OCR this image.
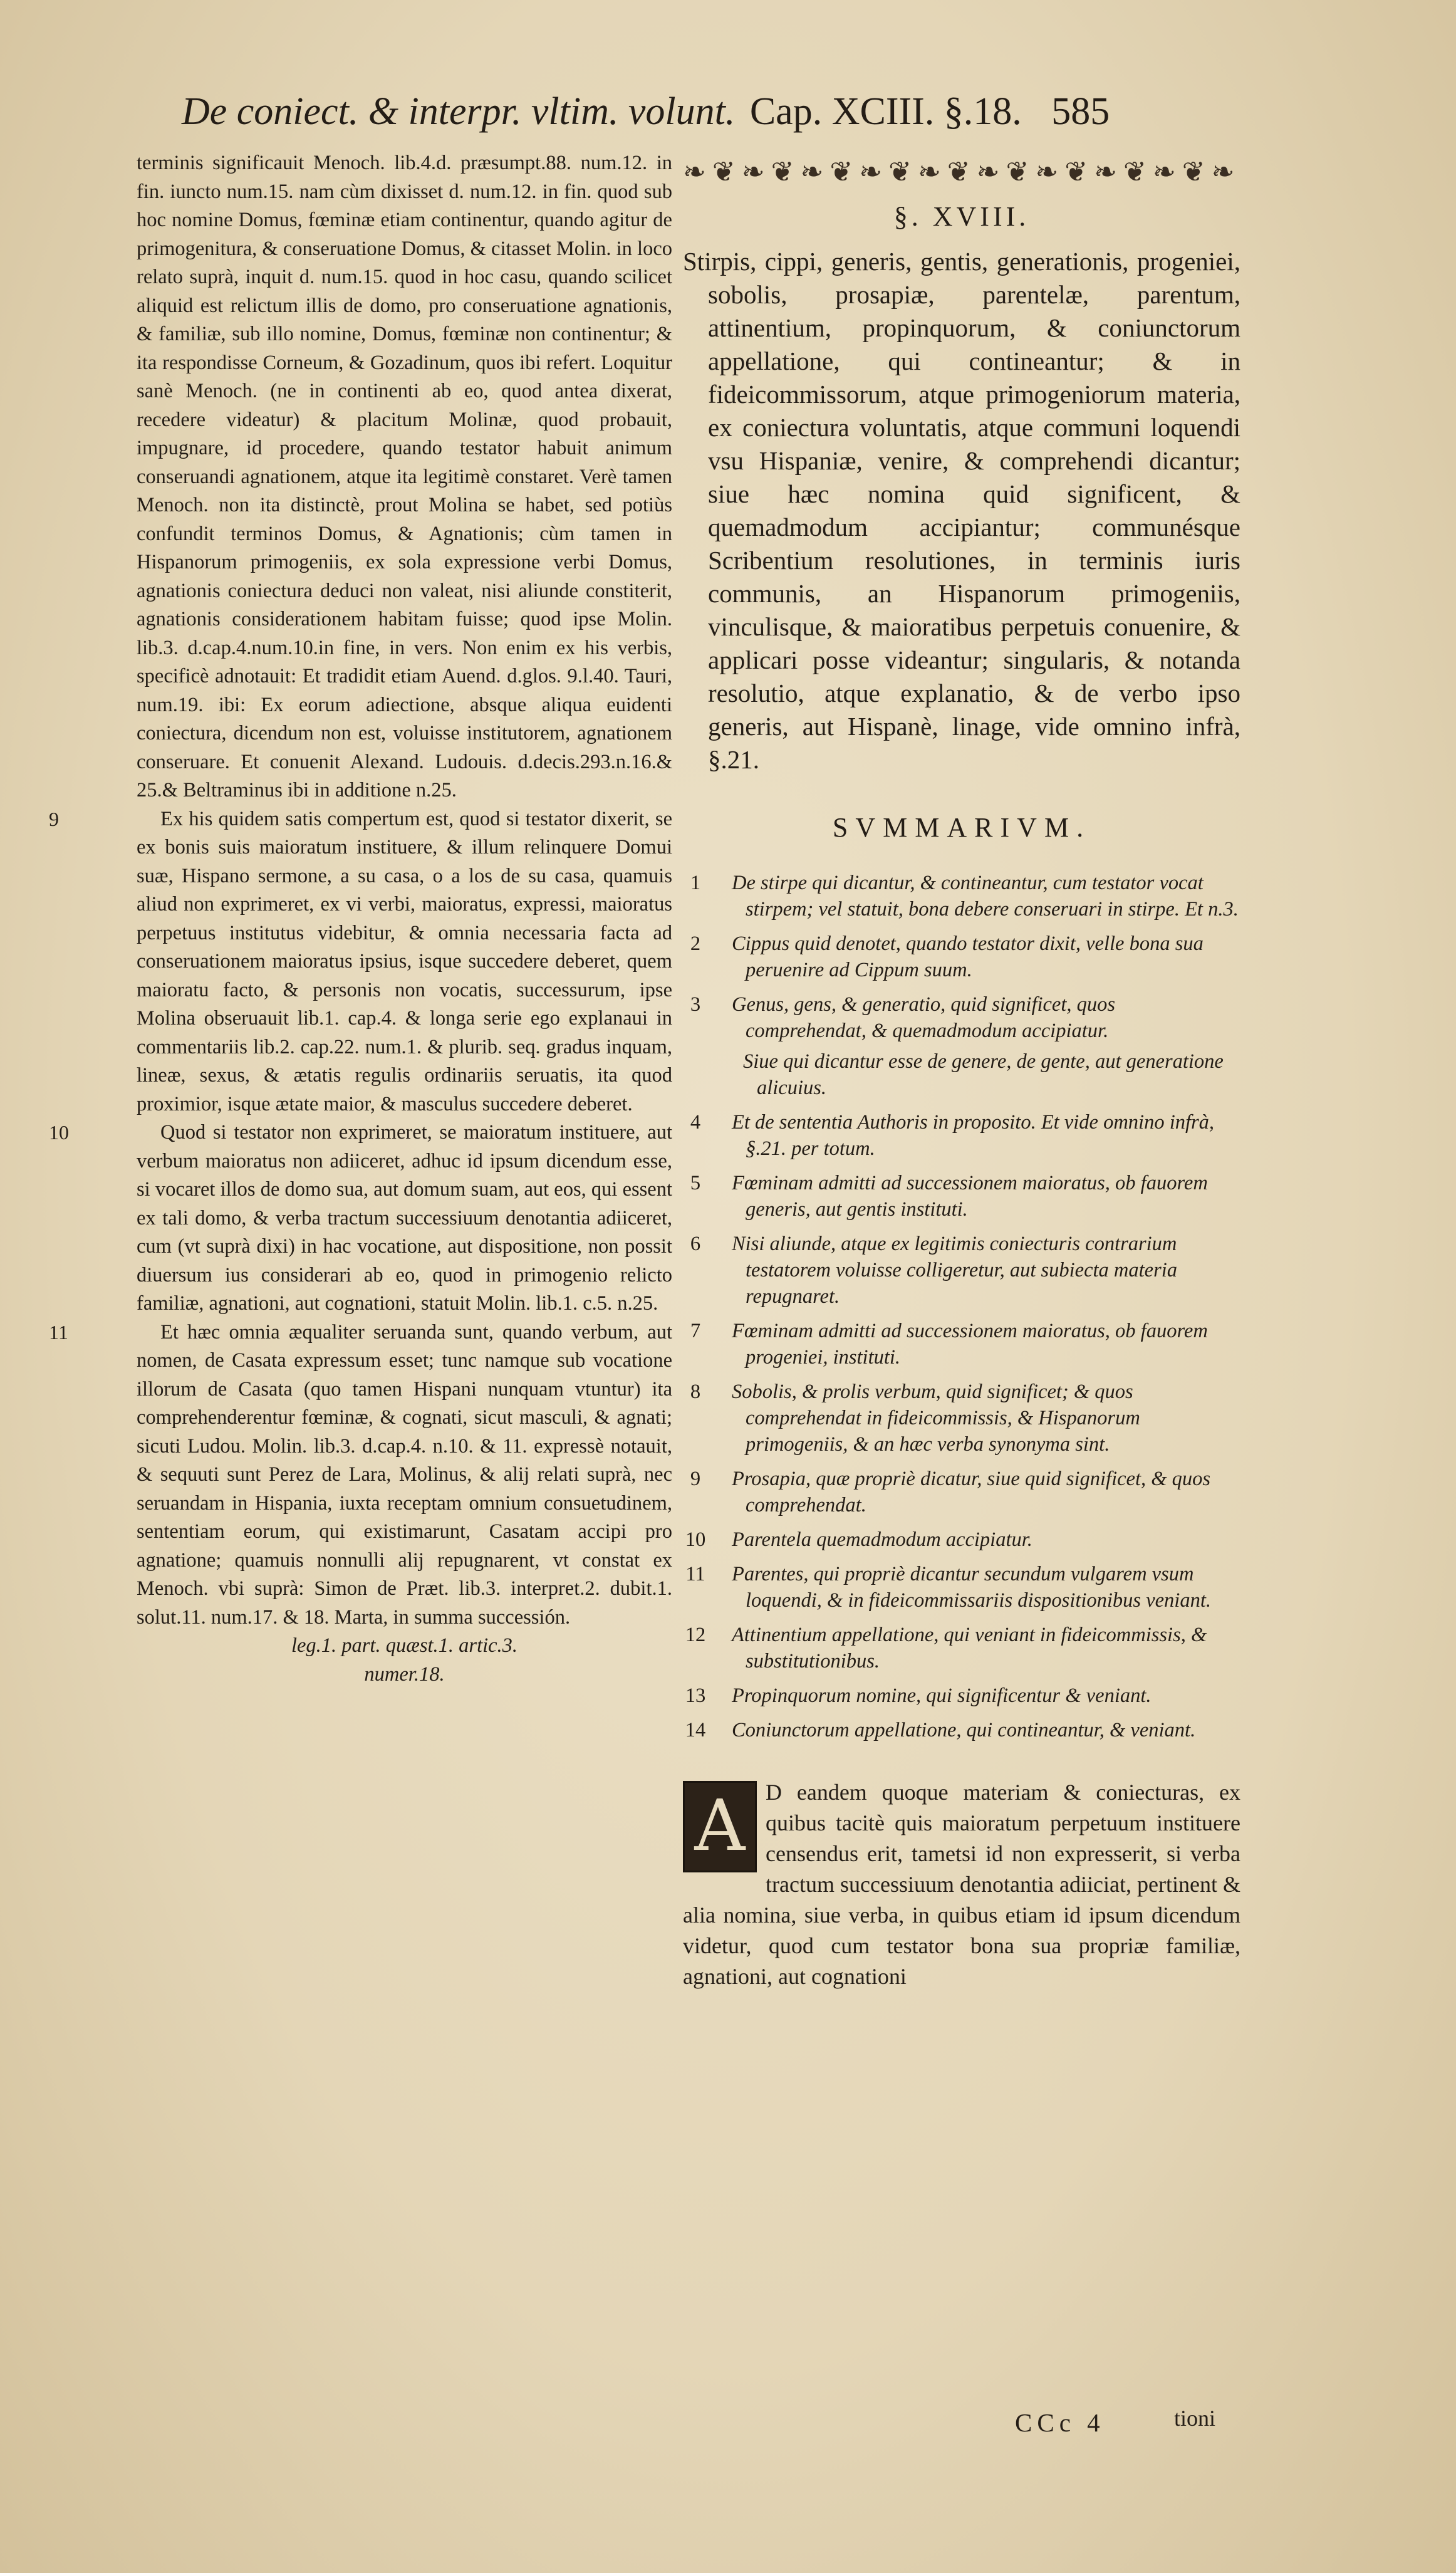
De coniect. & interpr. vltim. volunt. Cap. XCIII. §.18. 585

terminis significauit Menoch. lib.4.d. præsumpt.88. num.12. in fin. iuncto num.15. nam cùm dixisset d. num.12. in fin. quod sub hoc nomine Domus, fœminæ etiam continentur, quando agitur de primogenitura, & conseruatione Domus, & citasset Molin. in loco relato suprà, inquit d. num.15. quod in hoc casu, quando scilicet aliquid est relictum illis de domo, pro conseruatione agnationis, & familiæ, sub illo nomine, Domus, fœminæ non continentur; & ita respondisse Corneum, & Gozadinum, quos ibi refert. Loquitur sanè Menoch. (ne in continenti ab eo, quod antea dixerat, recedere videatur) & placitum Molinæ, quod probauit, impugnare, id procedere, quando testator habuit animum conseruandi agnationem, atque ita legitimè constaret. Verè tamen Menoch. non ita distinctè, prout Molina se habet, sed potiùs confundit terminos Domus, & Agnationis; cùm tamen in Hispanorum primogeniis, ex sola expressione verbi Domus, agnationis coniectura deduci non valeat, nisi aliunde constiterit, agnationis considerationem habitam fuisse; quod ipse Molin. lib.3. d.cap.4.num.10.in fine, in vers. Non enim ex his verbis, specificè adnotauit: Et tradidit etiam Auend. d.glos. 9.l.40. Tauri, num.19. ibi: Ex eorum adiectione, absque aliqua euidenti coniectura, dicendum non est, voluisse institutorem, agnationem conseruare. Et conuenit Alexand. Ludouis. d.decis.293.n.16.& 25.& Beltraminus ibi in additione n.25.

9	Ex his quidem satis compertum est, quod si testator dixerit, se ex bonis suis maioratum instituere, & illum relinquere Domui suæ, Hispano sermone, a su casa, o a los de su casa, quamuis aliud non exprimeret, ex vi verbi, maioratus, expressi, maioratus perpetuus institutus videbitur, & omnia necessaria facta ad conseruationem maioratus ipsius, isque succedere deberet, quem maioratu facto, & personis non vocatis, successurum, ipse Molina obseruauit lib.1. cap.4. & longa serie ego explanaui in commentariis lib.2. cap.22. num.1. & plurib. seq. gradus inquam, lineæ, sexus, & ætatis regulis ordinariis seruatis, ita quod proximior, isque ætate maior, & masculus succedere deberet.

10	Quod si testator non exprimeret, se maioratum instituere, aut verbum maioratus non adiiceret, adhuc id ipsum dicendum esse, si vocaret illos de domo sua, aut domum suam, aut eos, qui essent ex tali domo, & verba tractum successiuum denotantia adiiceret, cum (vt suprà dixi) in hac vocatione, aut dispositione, non possit diuersum ius considerari ab eo, quod in primogenio relicto familiæ, agnationi, aut cognationi, statuit Molin. lib.1. c.5. n.25.

11	Et hæc omnia æqualiter seruanda sunt, quando verbum, aut nomen, de Casata expressum esset; tunc namque sub vocatione illorum de Casata (quo tamen Hispani nunquam vtuntur) ita comprehenderentur fœminæ, & cognati, sicut masculi, & agnati; sicuti Ludou. Molin. lib.3. d.cap.4. n.10. & 11. expressè notauit, & sequuti sunt Perez de Lara, Molinus, & alij relati suprà, nec seruandam in Hispania, iuxta receptam omnium consuetudinem, sententiam eorum, qui existimarunt, Casatam accipi pro agnatione; quamuis nonnulli alij repugnarent, vt constat ex Menoch. vbi suprà: Simon de Præt. lib.3. interpret.2. dubit.1. solut.11. num.17. & 18. Marta, in summa successión.

leg.1. part. quæst.1. artic.3.

numer.18.

❧❦❧❦❧❦❧❦❧❦❧❦❧❦❧❦❧❦❧
§. XVIII.

Stirpis, cippi, generis, gentis, generationis, progeniei, sobolis, prosapiæ, parentelæ, parentum, attinentium, propinquorum, & coniunctorum appellatione, qui contineantur; & in fideicommissorum, atque primogeniorum materia, ex coniectura voluntatis, atque communi loquendi vsu Hispaniæ, venire, & comprehendi dicantur; siue hæc nomina quid significent, & quemadmodum accipiantur; communésque Scribentium resolutiones, in terminis iuris communis, an Hispanorum primogeniis, vinculisque, & maioratibus perpetuis conuenire, & applicari posse videantur; singularis, & notanda resolutio, atque explanatio, & de verbo ipso generis, aut Hispanè, linage, vide omnino infrà, §.21.

SVMMARIVM.
1	De stirpe qui dicantur, & contineantur, cum testator vocat stirpem; vel statuit, bona debere conseruari in stirpe. Et n.3.
2	Cippus quid denotet, quando testator dixit, velle bona sua peruenire ad Cippum suum.
3	Genus, gens, & generatio, quid significet, quos comprehendat, & quemadmodum accipiatur.
Siue qui dicantur esse de genere, de gente, aut generatione alicuius.
4	Et de sententia Authoris in proposito. Et vide omnino infrà, §.21. per totum.
5	Fœminam admitti ad successionem maioratus, ob fauorem generis, aut gentis instituti.
6	Nisi aliunde, atque ex legitimis coniecturis contrarium testatorem voluisse colligeretur, aut subiecta materia repugnaret.
7	Fœminam admitti ad successionem maioratus, ob fauorem progeniei, instituti.
8	Sobolis, & prolis verbum, quid significet; & quos comprehendat in fideicommissis, & Hispanorum primogeniis, & an hæc verba synonyma sint.
9	Prosapia, quæ propriè dicatur, siue quid significet, & quos comprehendat.
10 Parentela quemadmodum accipiatur.
11 Parentes, qui propriè dicantur secundum vulgarem vsum loquendi, & in fideicommissariis dispositionibus veniant.
12 Attinentium appellatione, qui veniant in fideicommissis, & substitutionibus.
13 Propinquorum nomine, qui significentur & veniant.
14 Coniunctorum appellatione, qui contineantur, & veniant.
A D eandem quoque materiam & coniecturas, ex quibus tacitè quis maioratum perpetuum instituere censendus erit, tametsi id non expresserit, si verba tractum successiuum denotantia adiiciat, pertinent & alia nomina, siue verba, in quibus etiam id ipsum dicendum videtur, quod cum testator bona sua propriæ familiæ, agnationi, aut cognationi
CCc 4	tioni
